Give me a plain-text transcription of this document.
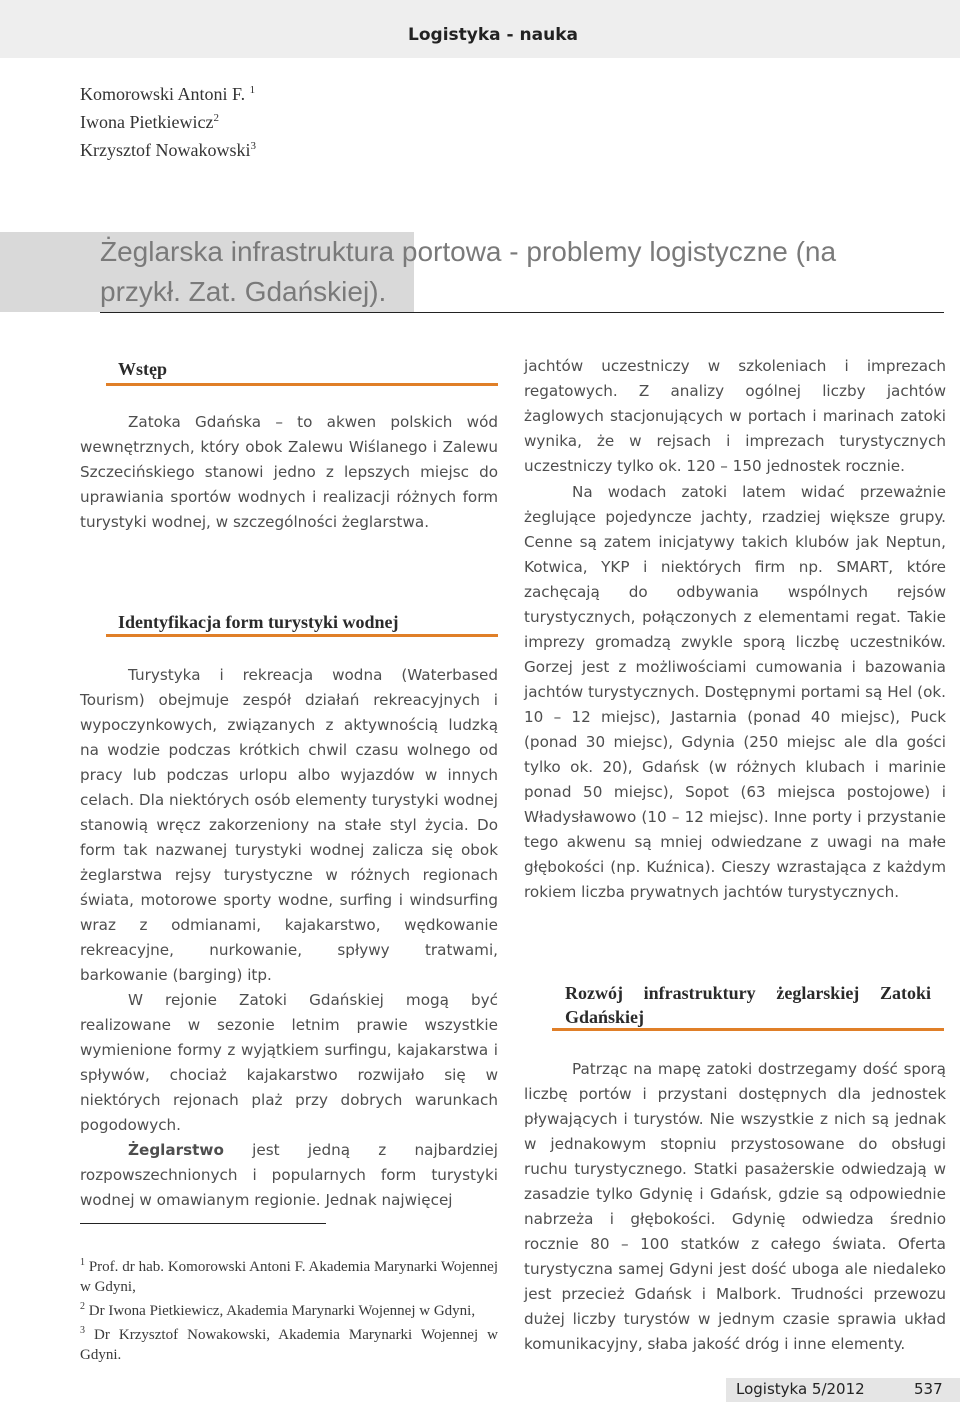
Logistyka - nauka
Komorowski Antoni F. $^1$
Iwona Pietkiewicz$^2$
Krzysztof Nowakowski$^3$
Żeglarska infrastruktura portowa - problemy logistyczne (na przykł. Zat. Gdańskiej).
Wstęp
Zatoka Gdańska – to akwen polskich wód wewnętrznych, który obok Zalewu Wiślanego i Zalewu Szczecińskiego stanowi jedno z lepszych miejsc do uprawiania sportów wodnych i realizacji różnych form turystyki wodnej, w szczególności żeglarstwa.
Identyfikacja form turystyki wodnej
Turystyka i rekreacja wodna (Waterbased Tourism) obejmuje zespół działań rekreacyjnych i wypoczynkowych, związanych z aktywnością ludzką na wodzie podczas krótkich chwil czasu wolnego od pracy lub podczas urlopu albo wyjazdów w innych celach. Dla niektórych osób elementy turystyki wodnej stanowią wręcz zakorzeniony na stałe styl życia. Do form tak nazwanej turystyki wodnej zalicza się obok żeglarstwa rejsy turystyczne w różnych regionach świata, motorowe sporty wodne, surfing i windsurfing wraz z odmianami, kajakarstwo, wędkowanie rekreacyjne, nurkowanie, spływy tratwami, barkowanie (barging) itp.
W rejonie Zatoki Gdańskiej mogą być realizowane w sezonie letnim prawie wszystkie wymienione formy z wyjątkiem surfingu, kajakarstwa i spływów, chociaż kajakarstwo rozwijało się w niektórych rejonach plaż przy dobrych warunkach pogodowych.
Żeglarstwo jest jedną z najbardziej rozpowszechnionych i popularnych form turystyki wodnej w omawianym regionie. Jednak najwięcej

$^1$ Prof. dr hab. Komorowski Antoni F. Akademia Marynarki Wojennej w Gdyni,

$^2$ Dr Iwona Pietkiewicz, Akademia Marynarki Wojennej w Gdyni,

$^3$ Dr Krzysztof Nowakowski, Akademia Marynarki Wojennej w Gdyni.

jachtów uczestniczy w szkoleniach i imprezach regatowych. Z analizy ogólnej liczby jachtów żaglowych stacjonujących w portach i marinach zatoki wynika, że w rejsach i imprezach turystycznych uczestniczy tylko ok. 120 – 150 jednostek rocznie.
Na wodach zatoki latem widać przeważnie żeglujące pojedyncze jachty, rzadziej większe grupy. Cenne są zatem inicjatywy takich klubów jak Neptun, Kotwica, YKP i niektórych firm np. SMART, które zachęcają do odbywania wspólnych rejsów turystycznych, połączonych z elementami regat. Takie imprezy gromadzą zwykle sporą liczbę uczestników. Gorzej jest z możliwościami cumowania i bazowania jachtów turystycznych. Dostępnymi portami są Hel (ok. 10 – 12 miejsc), Jastarnia (ponad 40 miejsc), Puck (ponad 30 miejsc), Gdynia (250 miejsc ale dla gości tylko ok. 20), Gdańsk (w różnych klubach i marinie ponad 50 miejsc), Sopot (63 miejsca postojowe) i Władysławowo (10 – 12 miejsc). Inne porty i przystanie tego akwenu są mniej odwiedzane z uwagi na małe głębokości (np. Kuźnica). Cieszy wzrastająca z każdym rokiem liczba prywatnych jachtów turystycznych.
Rozwój infrastruktury żeglarskiej Zatoki Gdańskiej
Patrząc na mapę zatoki dostrzegamy dość sporą liczbę portów i przystani dostępnych dla jednostek pływających i turystów. Nie wszystkie z nich są jednak w jednakowym stopniu przystosowane do obsługi ruchu turystycznego. Statki pasażerskie odwiedzają w zasadzie tylko Gdynię i Gdańsk, gdzie są odpowiednie nabrzeża i głębokości. Gdynię odwiedza średnio rocznie 80 – 100 statków z całego świata. Oferta turystyczna samej Gdyni jest dość uboga ale niedaleko jest przecież Gdańsk i Malbork. Trudności przewozu dużej liczby turystów w jednym czasie sprawia układ komunikacyjny, słaba jakość dróg i inne elementy.
Logistyka 5/2012	537
